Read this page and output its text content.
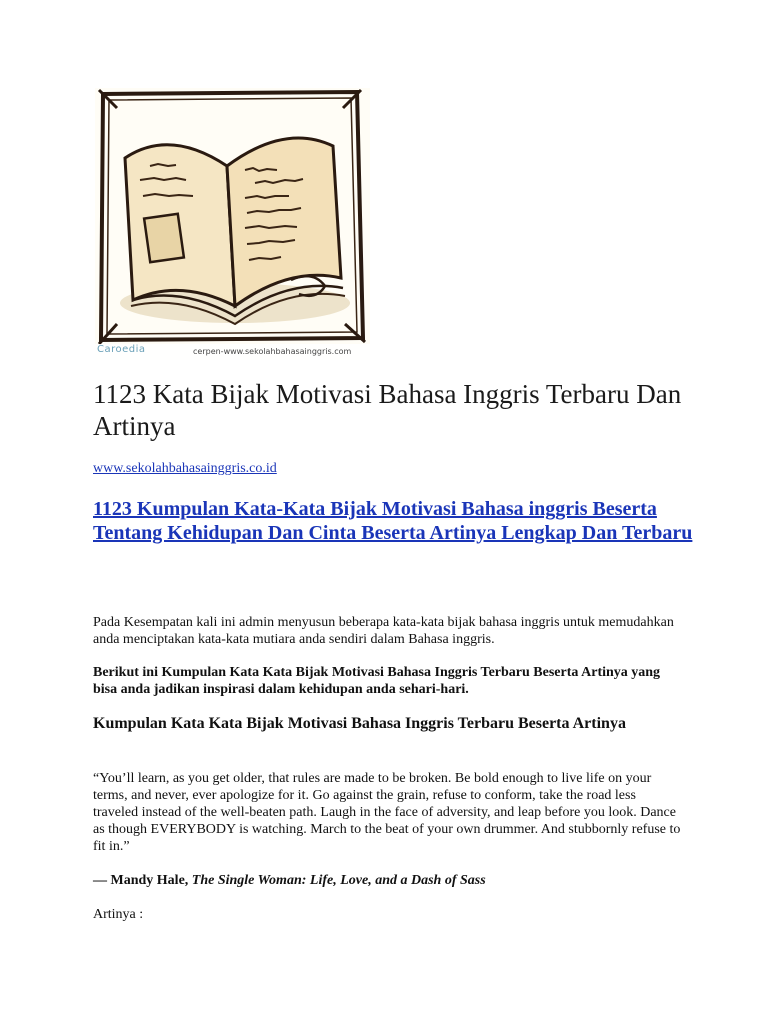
Caroedia	cerpen-www.sekolahbahasainggris.com
1123 Kata Bijak Motivasi Bahasa Inggris Terbaru Dan Artinya
www.sekolahbahasainggris.co.id
1123 Kumpulan Kata-Kata Bijak Motivasi Bahasa inggris Beserta Tentang Kehidupan Dan Cinta Beserta Artinya Lengkap Dan Terbaru

Pada Kesempatan kali ini admin menyusun beberapa kata-kata bijak bahasa inggris untuk memudahkan anda menciptakan kata-kata mutiara anda sendiri dalam Bahasa inggris.

Berikut ini Kumpulan Kata Kata Bijak Motivasi Bahasa Inggris Terbaru Beserta Artinya yang bisa anda jadikan inspirasi dalam kehidupan anda sehari-hari.

Kumpulan Kata Kata Bijak Motivasi Bahasa Inggris Terbaru Beserta Artinya

“You’ll learn, as you get older, that rules are made to be broken. Be bold enough to live life on your terms, and never, ever apologize for it. Go against the grain, refuse to conform, take the road less traveled instead of the well-beaten path. Laugh in the face of adversity, and leap before you look. Dance as though EVERYBODY is watching. March to the beat of your own drummer. And stubbornly refuse to fit in.”

— Mandy Hale, The Single Woman: Life, Love, and a Dash of Sass

Artinya :
